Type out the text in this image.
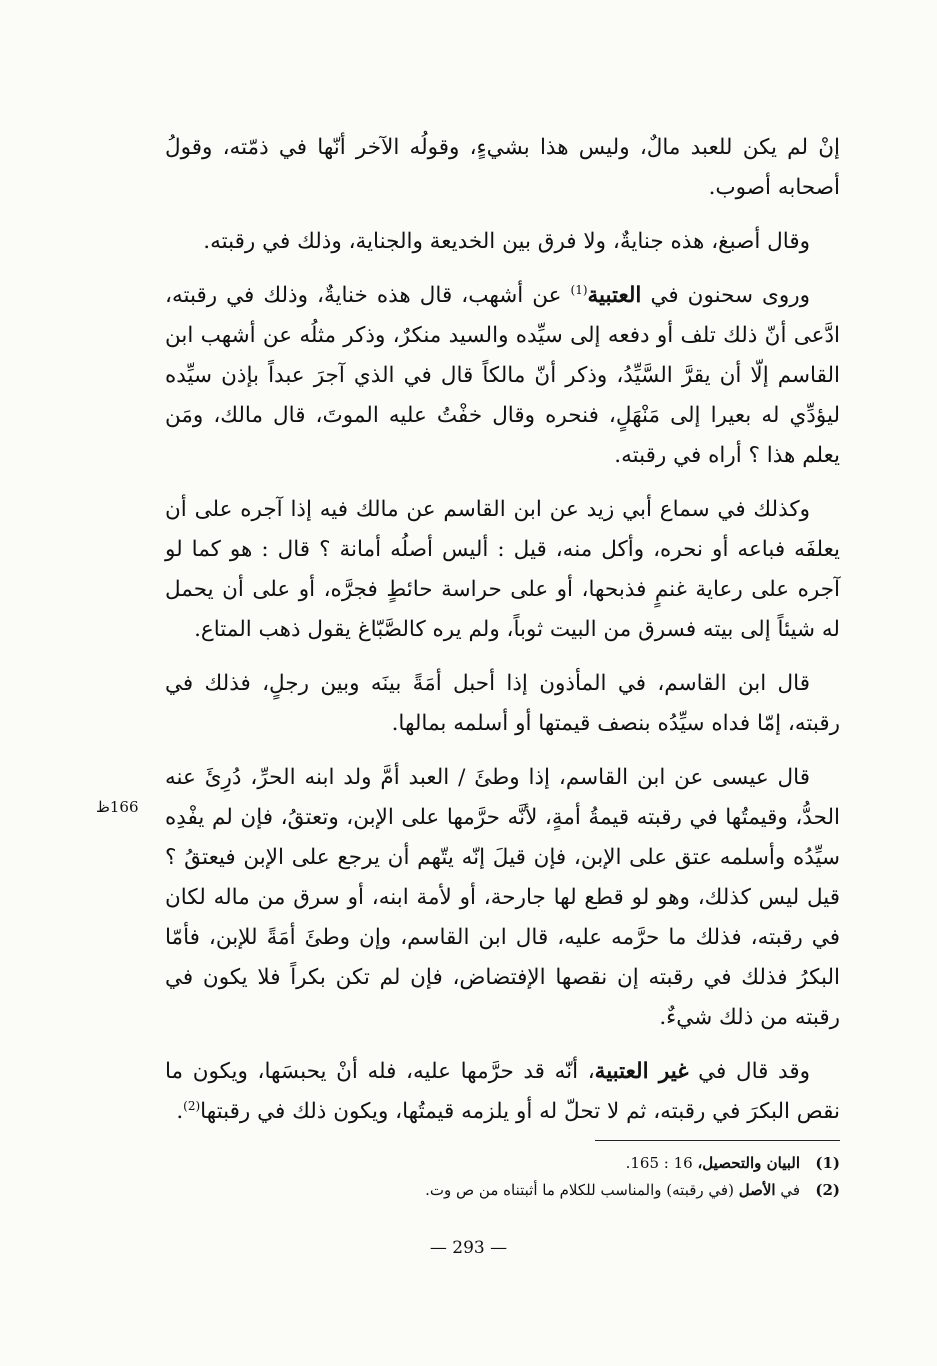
إنْ لم يكن للعبد مالٌ، وليس هذا بشيءٍ، وقولُه الآخر أنّها في ذمّته، وقولُ أصحابه أصوب.

وقال أصبغ، هذه جنايةٌ، ولا فرق بين الخديعة والجناية، وذلك في رقبته.

وروى سحنون في العتبية$^{(1)}$ عن أشهب، قال هذه خنايةٌ، وذلك في رقبته، ادَّعى أنّ ذلك تلف أو دفعه إلى سيِّده والسيد منكرٌ، وذكر مثلُه عن أشهب ابن القاسم إلّا أن يقرَّ السَّيِّدُ، وذكر أنّ مالكاً قال في الذي آجرَ عبداً بإذن سيِّده ليؤدِّي له بعيرا إلى مَنْهَلٍ، فنحره وقال خفْتُ عليه الموتَ، قال مالك، ومَن يعلم هذا ؟ أراه في رقبته.

وكذلك في سماع أبي زيد عن ابن القاسم عن مالك فيه إذا آجره على أن يعلفَه فباعه أو نحره، وأكل منه، قيل : أليس أصلُه أمانة ؟ قال : هو كما لو آجره على رعاية غنمٍ فذبحها، أو على حراسة حائطٍ فجرَّه، أو على أن يحمل له شيئاً إلى بيته فسرق من البيت ثوباً، ولم يره كالصَّبّاغ يقول ذهب المتاع.

قال ابن القاسم، في المأذون إذا أحبل أمَةً بينَه وبين رجلٍ، فذلك في رقبته، إمّا فداه سيِّدُه بنصف قيمتها أو أسلمه بمالها.

قال عيسى عن ابن القاسم، إذا وطئَ / العبد أمَّ ولد ابنه الحرِّ، دُرِئَ عنه الحدُّ، وقيمتُها في رقبته قيمةُ أمةٍ، لأنَّه حرَّمها على الإبن، وتعتقُ، فإن لم يفْدِه سيِّدُه وأسلمه عتق على الإبن، فإن قيلَ إنّه يتّهم أن يرجع على الإبن فيعتقُ ؟ قيل ليس كذلك، وهو لو قطع لها جارحة، أو لأمة ابنه، أو سرق من ماله لكان في رقبته، فذلك ما حرَّمه عليه، قال ابن القاسم، وإن وطئَ أمَةً للإبن، فأمّا البكرُ فذلك في رقبته إن نقصها الإفتضاض، فإن لم تكن بكراً فلا يكون في رقبته من ذلك شيءٌ.

وقد قال في غير العتبية، أنّه قد حرَّمها عليه، فله أنْ يحبسَها، ويكون ما نقص البكرَ في رقبته، ثم لا تحلّ له أو يلزمه قيمتُها، ويكون ذلك في رقبتها$^{(2)}$.

166ظ
(1)
البيان والتحصيل، 16 : 165.
(2)
في الأصل (في رقبته) والمناسب للكلام ما أثبتناه من ص وت.
— 293 —
